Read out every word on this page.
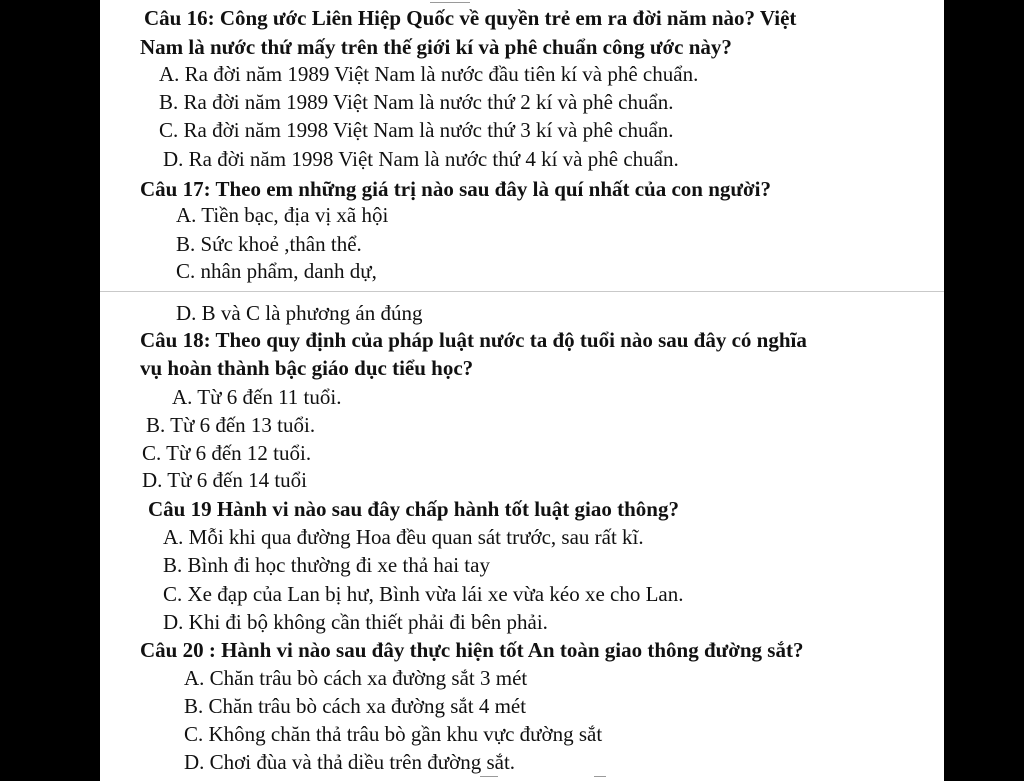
Câu 16: Công ước Liên Hiệp Quốc về quyền trẻ em ra đời năm nào? Việt
Nam là nước thứ mấy trên thế giới kí và phê chuẩn công ước này?
A. Ra đời năm 1989 Việt Nam là nước đầu tiên kí và phê chuẩn.
B. Ra đời năm 1989 Việt Nam là nước thứ 2 kí và phê chuẩn.
C. Ra đời năm 1998 Việt Nam là nước thứ 3 kí và phê chuẩn.
D. Ra đời năm 1998 Việt Nam là nước thứ 4 kí và phê chuẩn.
Câu 17: Theo em những giá trị nào sau đây là quí nhất của con người?
A. Tiền bạc, địa vị xã hội
B. Sức khoẻ ,thân thể.
C. nhân phẩm, danh dự,
D. B và C là phương án đúng
Câu 18: Theo quy định của pháp luật nước ta độ tuổi nào sau đây có nghĩa
vụ hoàn thành bậc giáo dục tiểu học?
A. Từ 6 đến 11 tuổi.
B. Từ 6 đến 13 tuổi.
C. Từ 6 đến 12 tuổi.
D. Từ 6 đến 14 tuổi
Câu 19 Hành vi nào sau đây chấp hành tốt luật giao thông?
A. Mỗi khi qua đường Hoa đều quan sát trước, sau rất kĩ.
B. Bình đi học thường đi xe thả hai tay
C. Xe đạp của Lan bị hư, Bình vừa lái xe vừa kéo xe cho Lan.
D. Khi đi bộ không cần thiết phải đi bên phải.
Câu 20 : Hành vi nào sau đây thực hiện tốt An toàn giao thông đường sắt?
A. Chăn trâu bò cách xa đường sắt 3 mét
B. Chăn trâu bò cách xa đường sắt 4 mét
C. Không chăn thả trâu bò gần khu vực đường sắt
D. Chơi đùa và thả diều trên đường sắt.
